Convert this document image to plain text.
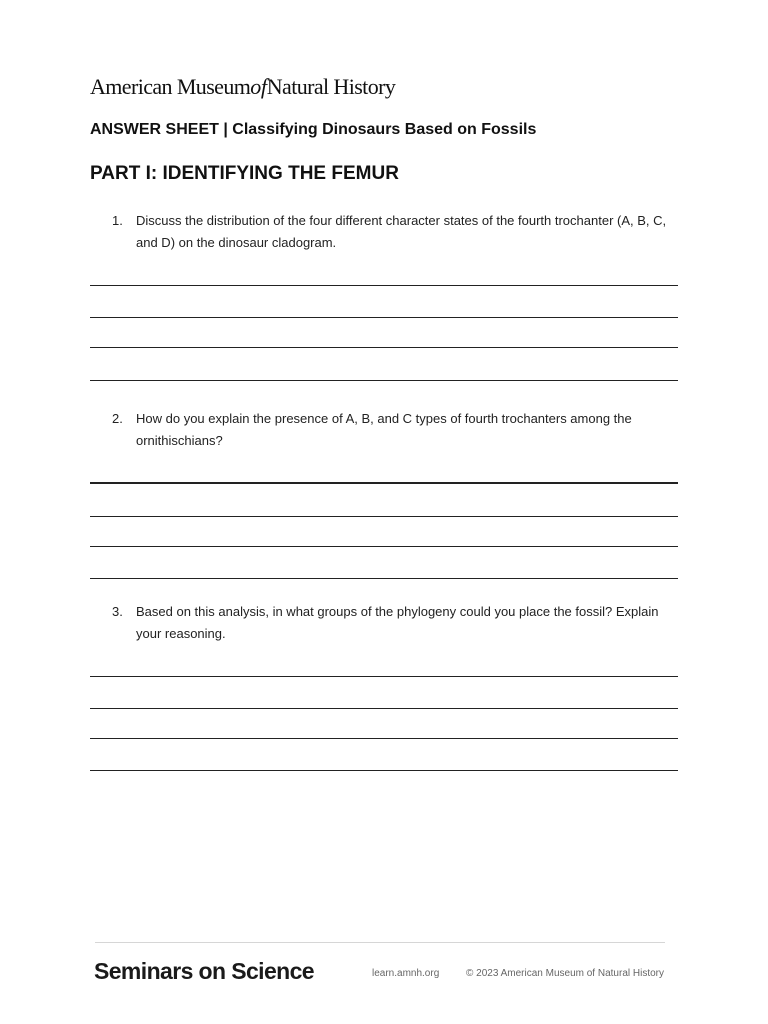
American MuseumofNatural History
ANSWER SHEET | Classifying Dinosaurs Based on Fossils
PART I: IDENTIFYING THE FEMUR
1.	Discuss the distribution of the four different character states of the fourth trochanter (A, B, C, and D) on the dinosaur cladogram.
2.	How do you explain the presence of A, B, and C types of fourth trochanters among the ornithischians?
3.	Based on this analysis, in what groups of the phylogeny could you place the fossil? Explain your reasoning.
Seminars on Science	learn.amnh.org	© 2023 American Museum of Natural History
